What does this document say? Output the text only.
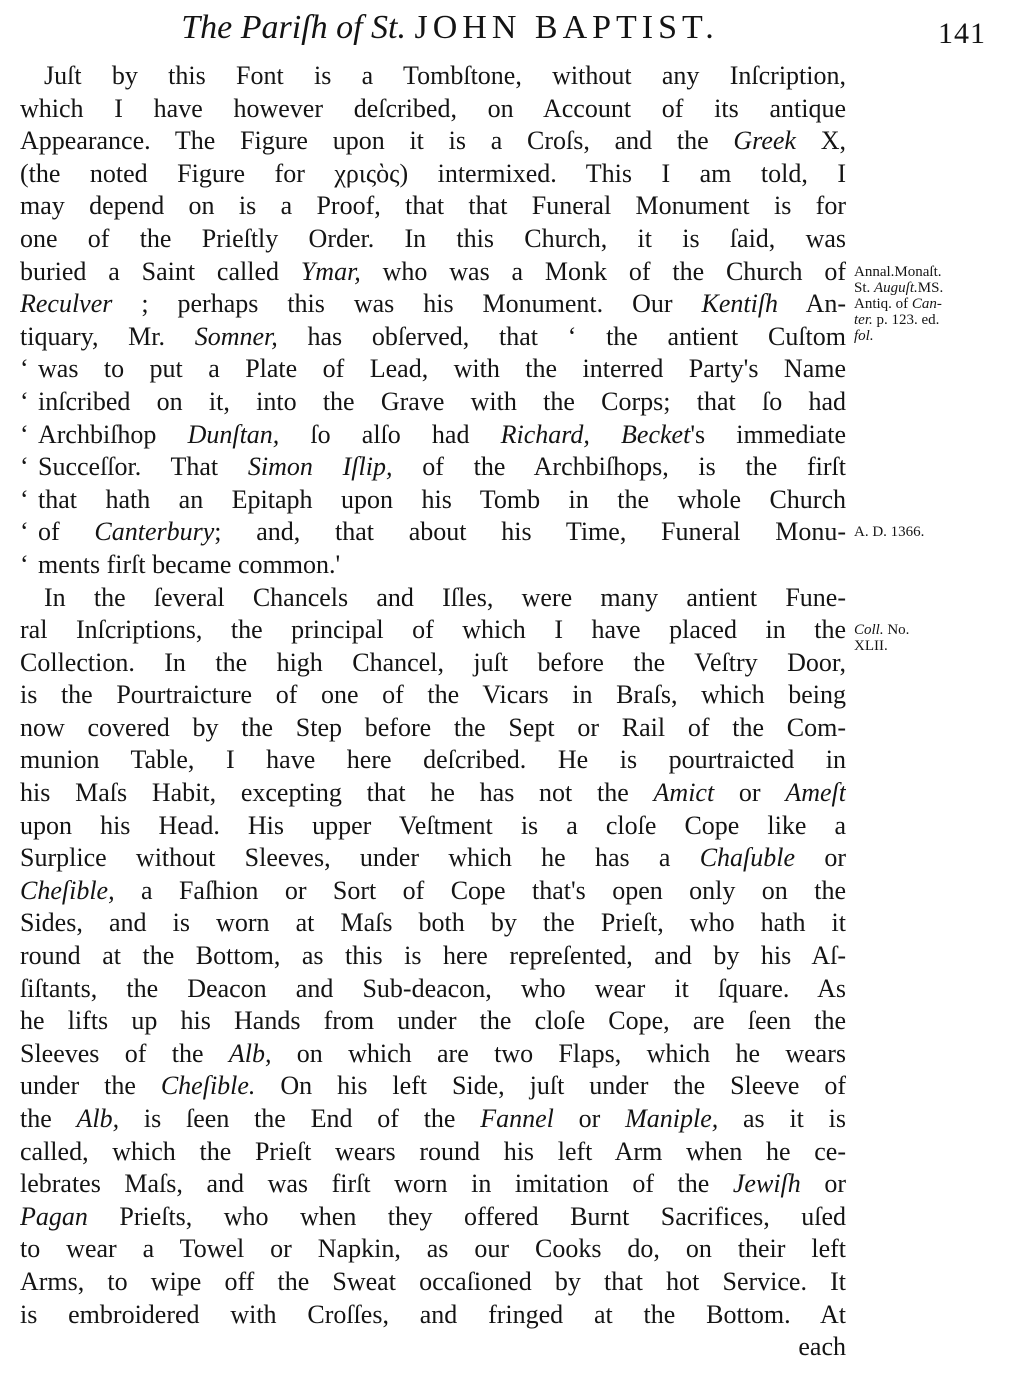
The Pariſh of St. JOHN BAPTIST.	141
Juſt by this Font is a Tombſtone, without any Inſcription,
which I have however deſcribed, on Account of its antique
Appearance. The Figure upon it is a Croſs, and the Greek X,
(the noted Figure for χριςὸς) intermixed. This I am told, I
may depend on is a Proof, that that Funeral Monument is for
one of the Prieſtly Order. In this Church, it is ſaid, was
buried a Saint called Ymar, who was a Monk of the Church of
Reculver ; perhaps this was his Monument. Our Kentiſh An-
tiquary, Mr. Somner, has obſerved, that ‘ the antient Cuſtom
‘ was to put a Plate of Lead, with the interred Party's Name
‘ inſcribed on it, into the Grave with the Corps; that ſo had
‘ Archbiſhop Dunſtan, ſo alſo had Richard, Becket's immediate
‘ Succeſſor. That Simon Iſlip, of the Archbiſhops, is the firſt
‘ that hath an Epitaph upon his Tomb in the whole Church
‘ of Canterbury; and, that about his Time, Funeral Monu-
‘ ments firſt became common.'
In the ſeveral Chancels and Iſles, were many antient Fune-
ral Inſcriptions, the principal of which I have placed in the
Collection. In the high Chancel, juſt before the Veſtry Door,
is the Pourtraicture of one of the Vicars in Braſs, which being
now covered by the Step before the Sept or Rail of the Com-
munion Table, I have here deſcribed. He is pourtraicted in
his Maſs Habit, excepting that he has not the Amict or Ameſt
upon his Head. His upper Veſtment is a cloſe Cope like a
Surplice without Sleeves, under which he has a Chaſuble or
Cheſible, a Faſhion or Sort of Cope that's open only on the
Sides, and is worn at Maſs both by the Prieſt, who hath it
round at the Bottom, as this is here repreſented, and by his Aſ-
ſiſtants, the Deacon and Sub-deacon, who wear it ſquare. As
he lifts up his Hands from under the cloſe Cope, are ſeen the
Sleeves of the Alb, on which are two Flaps, which he wears
under the Cheſible. On his left Side, juſt under the Sleeve of
the Alb, is ſeen the End of the Fannel or Maniple, as it is
called, which the Prieſt wears round his left Arm when he ce-
lebrates Maſs, and was firſt worn in imitation of the Jewiſh or
Pagan Prieſts, who when they offered Burnt Sacrifices, uſed
to wear a Towel or Napkin, as our Cooks do, on their left
Arms, to wipe off the Sweat occaſioned by that hot Service. It
is embroidered with Croſſes, and fringed at the Bottom. At
each
Annal.Monaſt.
St. Auguſt.MS.
Antiq. of Can-
ter. p. 123. ed.
fol.
A. D. 1366.
Coll. No.
XLII.
